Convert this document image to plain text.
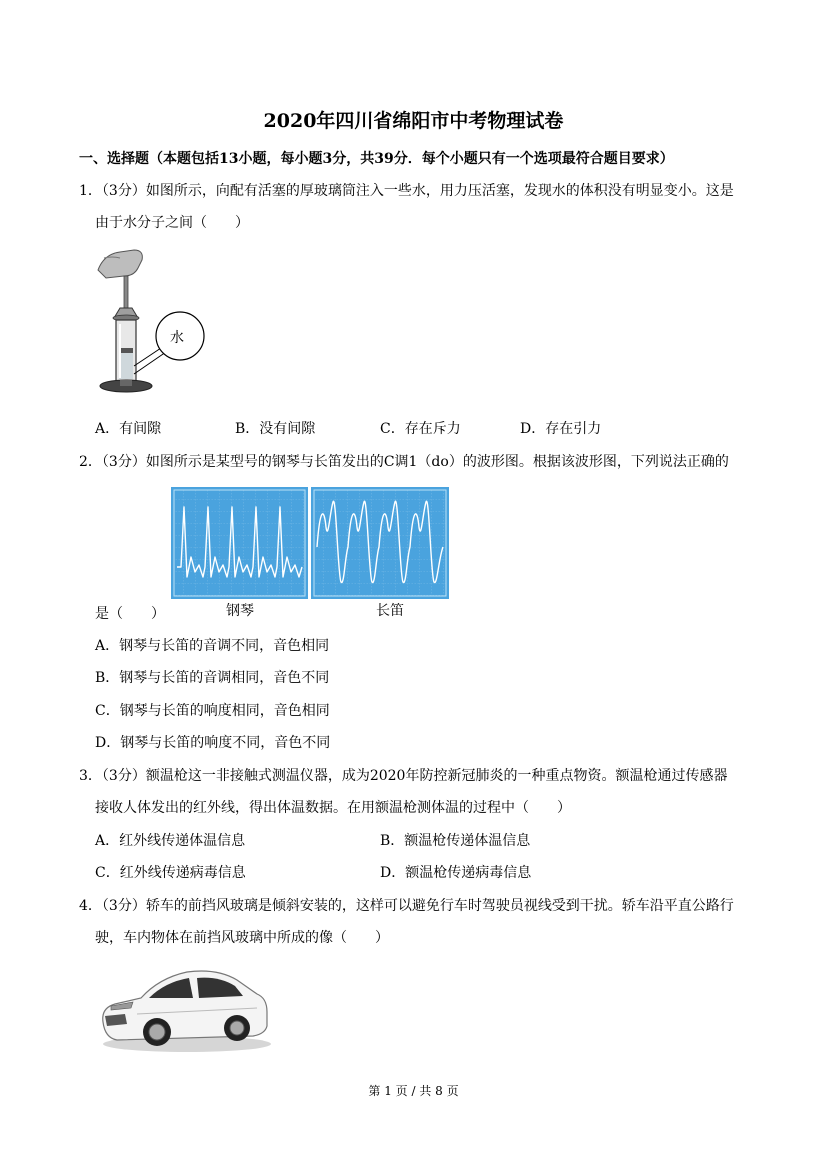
2020年四川省绵阳市中考物理试卷
一、选择题（本题包括13小题，每小题3分，共39分．每个小题只有一个选项最符合题目要求）
1．（3分）如图所示，向配有活塞的厚玻璃筒注入一些水，用力压活塞，发现水的体积没有明显变小。这是
由于水分子之间（　　）
水
A．有间隙	B．没有间隙	C．存在斥力	D．存在引力
2．（3分）如图所示是某型号的钢琴与长笛发出的C调1（do）的波形图。根据该波形图，下列说法正确的
钢琴	长笛
是（　　）
A．钢琴与长笛的音调不同，音色相同
B．钢琴与长笛的音调相同，音色不同
C．钢琴与长笛的响度相同，音色相同
D．钢琴与长笛的响度不同，音色不同
3．（3分）额温枪这一非接触式测温仪器，成为2020年防控新冠肺炎的一种重点物资。额温枪通过传感器
接收人体发出的红外线，得出体温数据。在用额温枪测体温的过程中（　　）
A．红外线传递体温信息	B．额温枪传递体温信息
C．红外线传递病毒信息	D．额温枪传递病毒信息
4．（3分）轿车的前挡风玻璃是倾斜安装的，这样可以避免行车时驾驶员视线受到干扰。轿车沿平直公路行
驶，车内物体在前挡风玻璃中所成的像（　　）
第 1 页 / 共 8 页
